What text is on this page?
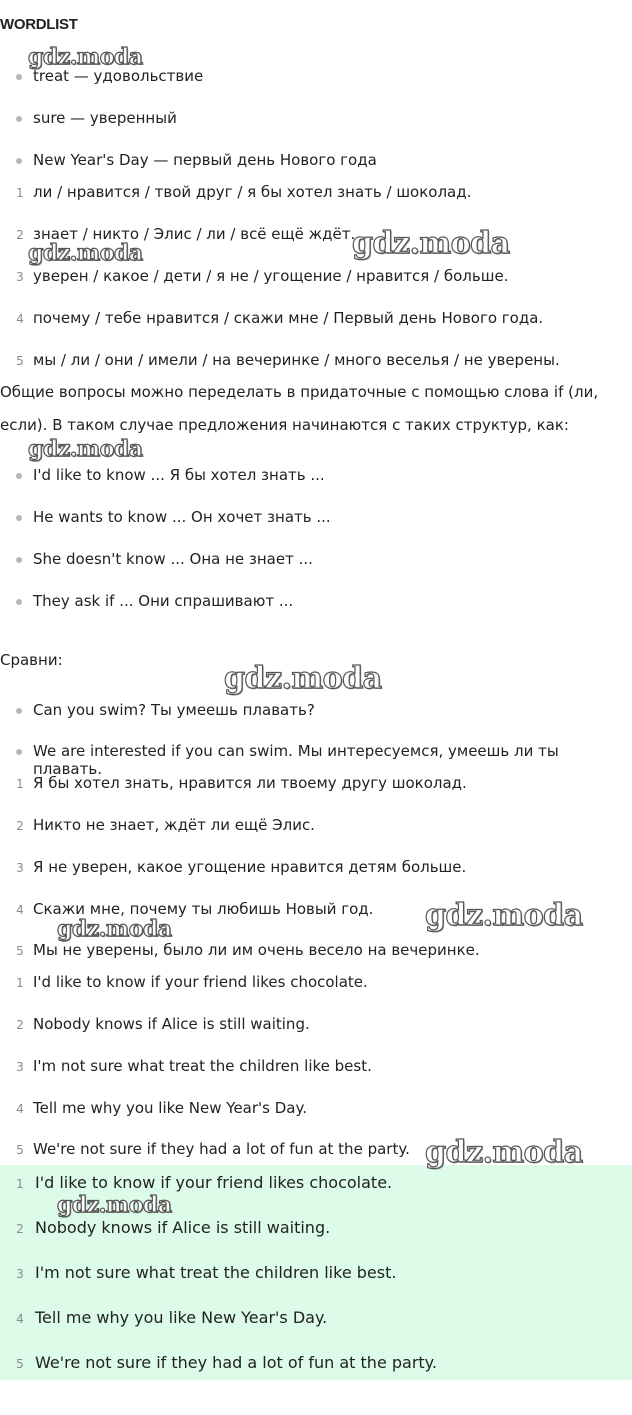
WORDLIST
treat — удовольствие
sure — уверенный
New Year's Day — первый день Нового года
1 ли / нравится / твой друг / я бы хотел знать / шоколад.
2 знает / никто / Элис / ли / всё ещё ждёт.
3 уверен / какое / дети / я не / угощение / нравится / больше.
4 почему / тебе нравится / скажи мне / Первый день Нового года.
5 мы / ли / они / имели / на вечеринке / много веселья / не уверены.
Общие вопросы можно переделать в придаточные с помощью слова if (ли,
если). В таком случае предложения начинаются с таких структур, как:
I'd like to know ... Я бы хотел знать ...
He wants to know ... Он хочет знать ...
She doesn't know ... Она не знает ...
They ask if ... Они спрашивают ...
Сравни:
Can you swim? Ты умеешь плавать?
We are interested if you can swim. Мы интересуемся, умеешь ли ты плавать.
1 Я бы хотел знать, нравится ли твоему другу шоколад.
2 Никто не знает, ждёт ли ещё Элис.
3 Я не уверен, какое угощение нравится детям больше.
4 Скажи мне, почему ты любишь Новый год.
5 Мы не уверены, было ли им очень весело на вечеринке.
1 I'd like to know if your friend likes chocolate.
2 Nobody knows if Alice is still waiting.
3 I'm not sure what treat the children like best.
4 Tell me why you like New Year's Day.
5 We're not sure if they had a lot of fun at the party.
1 I'd like to know if your friend likes chocolate.
2 Nobody knows if Alice is still waiting.
3 I'm not sure what treat the children like best.
4 Tell me why you like New Year's Day.
5 We're not sure if they had a lot of fun at the party.
gdz.moda
gdz.moda	gdz.moda
gdz.moda
gdz.moda
gdz.moda
gdz.moda
gdz.moda
gdz.moda
